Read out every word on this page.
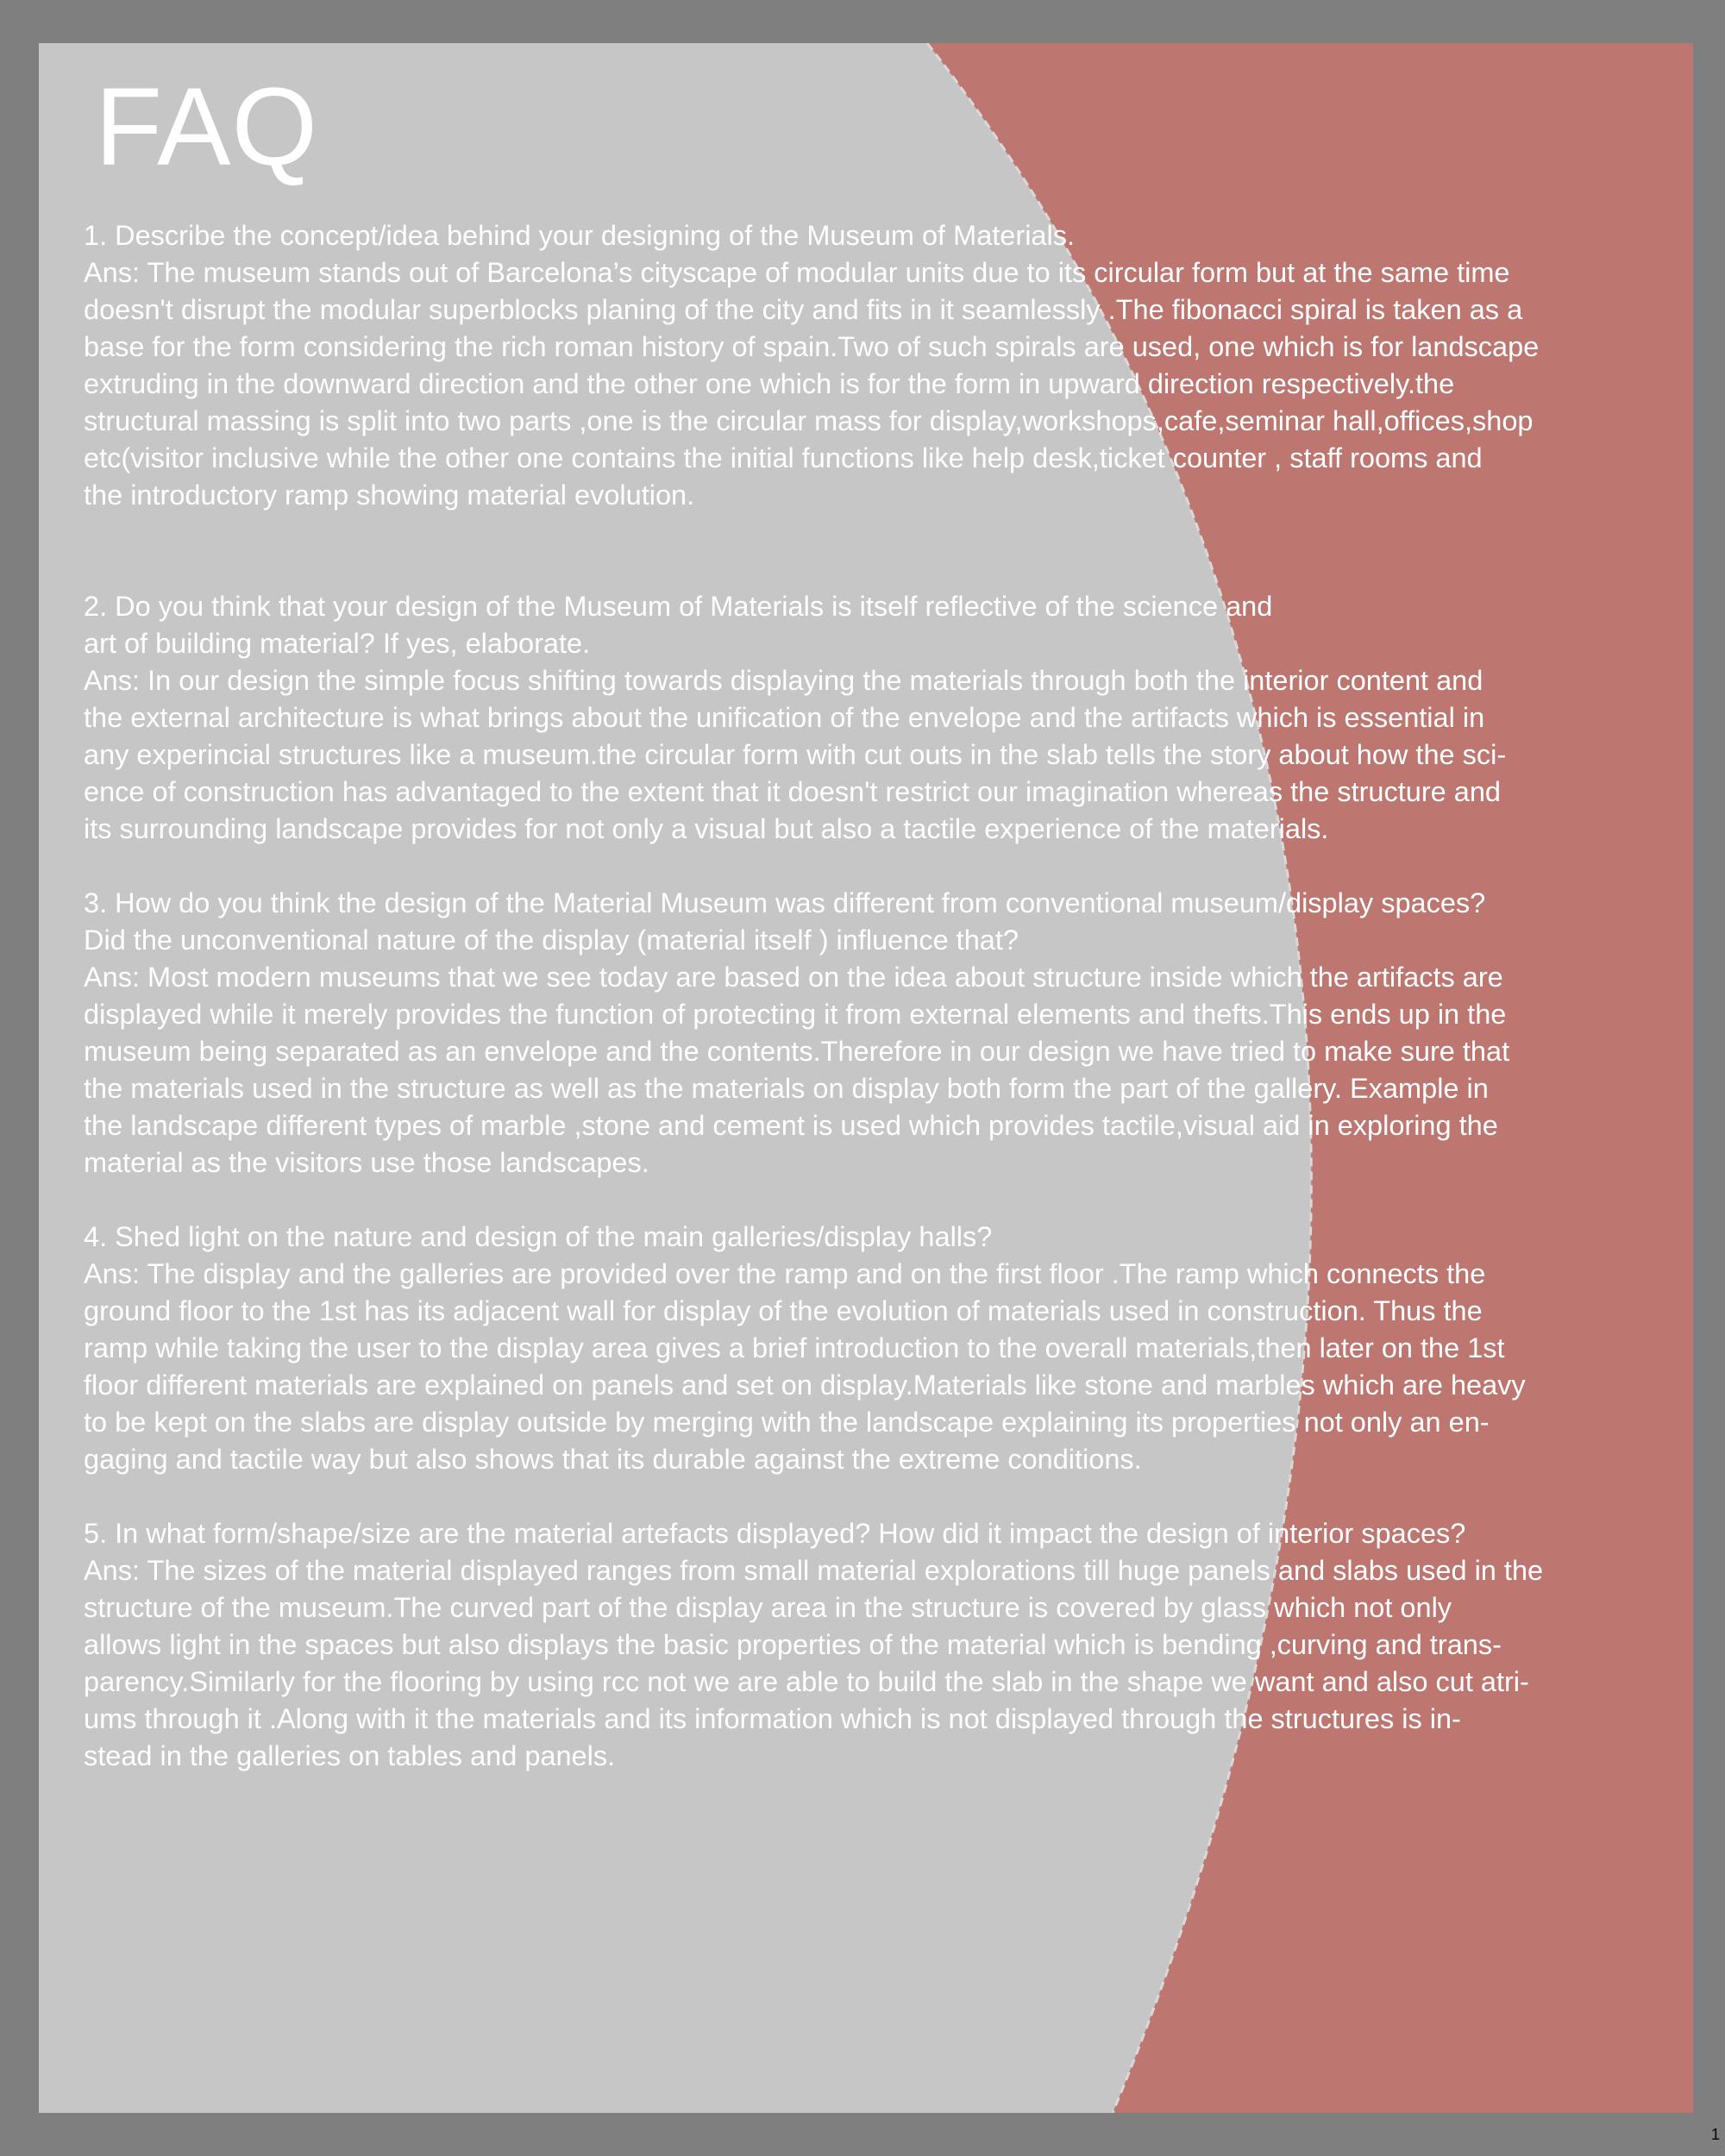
FAQ

1. Describe the concept/idea behind your designing of the Museum of Materials.

Ans: The museum stands out of Barcelona’s cityscape of modular units due to its circular form but at the same time
doesn't disrupt the modular superblocks planing of the city and fits in it seamlessly .The fibonacci spiral is taken as a
base for the form considering the rich roman history of spain.Two of such spirals are used, one which is for landscape
extruding in the downward direction and the other one which is for the form in upward direction respectively.the
structural massing is split into two parts ,one is the circular mass for display,workshops,cafe,seminar hall,offices,shop
etc(visitor inclusive while the other one contains the initial functions like help desk,ticket counter , staff rooms and
the introductory ramp showing material evolution.

2. Do you think that your design of the Museum of Materials is itself reflective of the science and
art of building material? If yes, elaborate.

Ans: In our design the simple focus shifting towards displaying the materials through both the interior content and
the external architecture is what brings about the unification of the envelope and the artifacts which is essential in
any experincial structures like a museum.the circular form with cut outs in the slab tells the story about how the sci-
ence of construction has advantaged to the extent that it doesn't restrict our imagination whereas the structure and
its surrounding landscape provides for not only a visual but also a tactile experience of the materials.

3. How do you think the design of the Material Museum was different from conventional museum/display spaces?
Did the unconventional nature of the display (material itself ) influence that?

Ans: Most modern museums that we see today are based on the idea about structure inside which the artifacts are
displayed while it merely provides the function of protecting it from external elements and thefts.This ends up in the
museum being separated as an envelope and the contents.Therefore in our design we have tried to make sure that
the materials used in the structure as well as the materials on display both form the part of the gallery. Example in
the landscape different types of marble ,stone and cement is used which provides tactile,visual aid in exploring the
material as the visitors use those landscapes.

4. Shed light on the nature and design of the main galleries/display halls?

Ans: The display and the galleries are provided over the ramp and on the first floor .The ramp which connects the
ground floor to the 1st has its adjacent wall for display of the evolution of materials used in construction. Thus the
ramp while taking the user to the display area gives a brief introduction to the overall materials,then later on the 1st
floor different materials are explained on panels and set on display.Materials like stone and marbles which are heavy
to be kept on the slabs are display outside by merging with the landscape explaining its properties not only an en-
gaging and tactile way but also shows that its durable against the extreme conditions.

5. In what form/shape/size are the material artefacts displayed? How did it impact the design of interior spaces?

Ans: The sizes of the material displayed ranges from small material explorations till huge panels and slabs used in the
structure of the museum.The curved part of the display area in the structure is covered by glass which not only
allows light in the spaces but also displays the basic properties of the material which is bending ,curving and trans-
parency.Similarly for the flooring by using rcc not we are able to build the slab in the shape we want and also cut atri-
ums through it .Along with it the materials and its information which is not displayed through the structures is in-
stead in the galleries on tables and panels.

1
